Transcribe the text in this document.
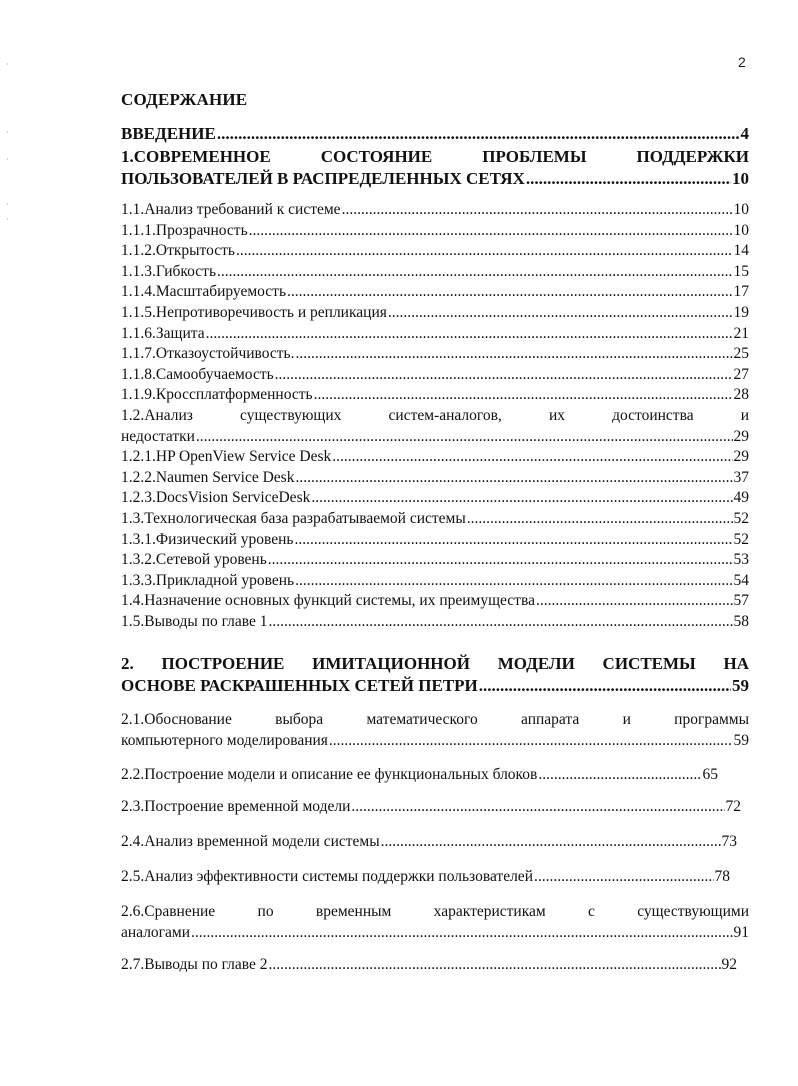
·
·
·
·
·
2
СОДЕРЖАНИЕ
ВВЕДЕНИЕ .....	4
1.СОВРЕМЕННОЕ СОСТОЯНИЕ ПРОБЛЕМЫ ПОДДЕРЖКИ
ПОЛЬЗОВАТЕЛЕЙ В РАСПРЕДЕЛЕННЫХ СЕТЯХ .....	10
1.1.Анализ требований к системе .....	10
1.1.1.Прозрачность .....	10
1.1.2.Открытость .....	14
1.1.3.Гибкость .....	15
1.1.4.Масштабируемость .....	17
1.1.5.Непротиворечивость и репликация .....	19
1.1.6.Защита .....	21
1.1.7.Отказоустойчивость. .....	25
1.1.8.Самообучаемость .....	27
1.1.9.Кроссплатформенность .....	28
1.2.Анализ существующих систем-аналогов, их достоинства и
недостатки .....	29
1.2.1.HP OpenView Service Desk .....	29
1.2.2.Naumen Service Desk .....	37
1.2.3.DocsVision ServiceDesk .....	49
1.3.Технологическая база разрабатываемой системы .....	52
1.3.1.Физический уровень .....	52
1.3.2.Сетевой уровень .....	53
1.3.3.Прикладной уровень .....	54
1.4.Назначение основных функций системы, их преимущества .....	57
1.5.Выводы по главе 1 .....	58
2. ПОСТРОЕНИЕ ИМИТАЦИОННОЙ МОДЕЛИ СИСТЕМЫ НА
ОСНОВЕ РАСКРАШЕННЫХ СЕТЕЙ ПЕТРИ .....	59
2.1.Обоснование выбора математического аппарата и программы
компьютерного моделирования .....	59
2.2.Построение модели и описание ее функциональных блоков .....	65
2.3.Построение временной модели .....	72
2.4.Анализ временной модели системы .....	73
2.5.Анализ эффективности системы поддержки пользователей .....	78
2.6.Сравнение по временным характеристикам с существующими
аналогами .....	91
2.7.Выводы по главе 2 .....	92
